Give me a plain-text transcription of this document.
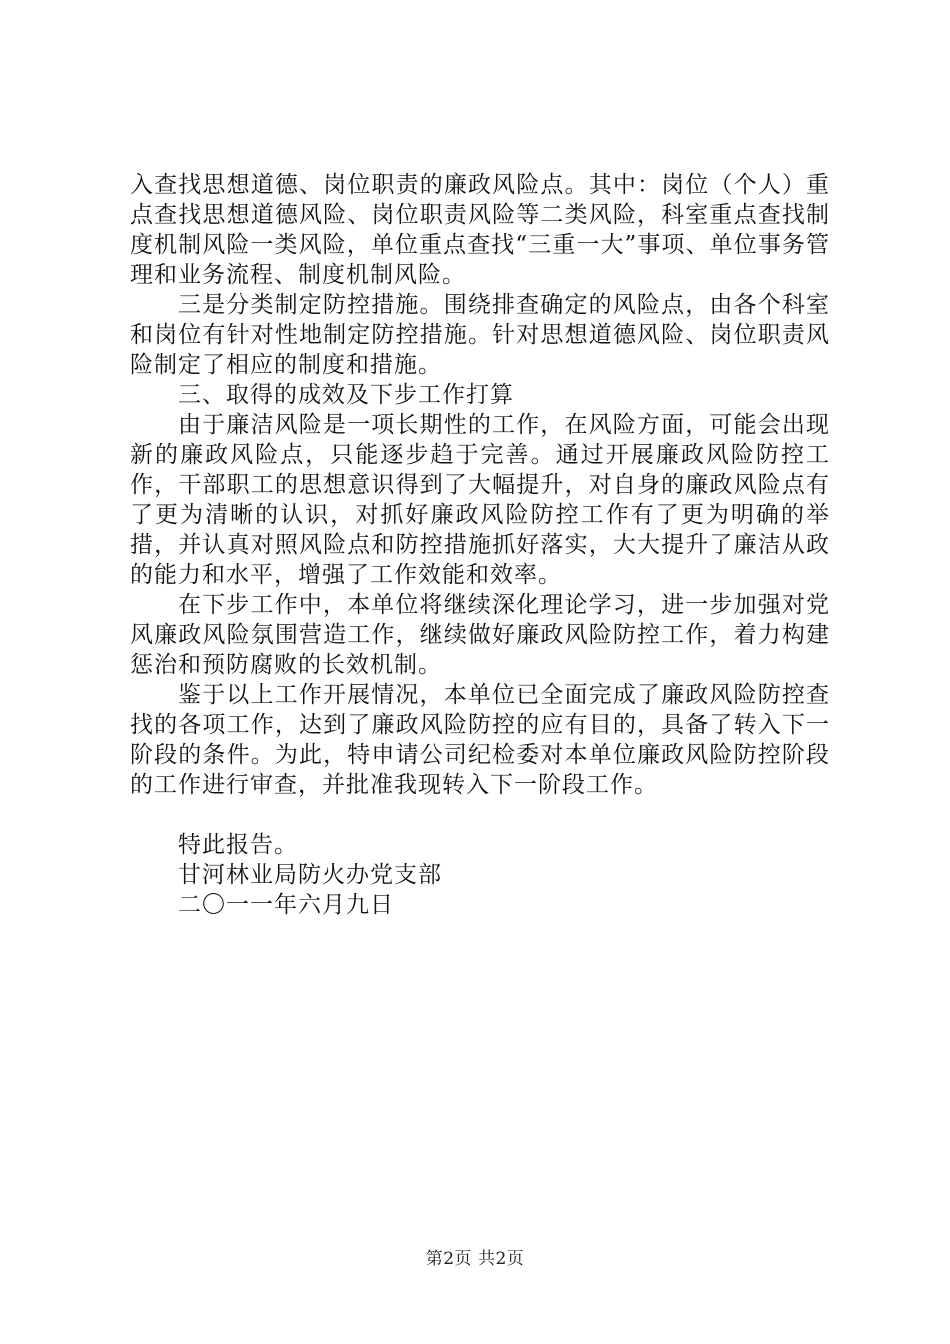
入查找思想道德、岗位职责的廉政风险点。其中：岗位（个人）重点查找思想道德风险、岗位职责风险等二类风险，科室重点查找制度机制风险一类风险，单位重点查找“三重一大”事项、单位事务管理和业务流程、制度机制风险。

三是分类制定防控措施。围绕排查确定的风险点，由各个科室和岗位有针对性地制定防控措施。针对思想道德风险、岗位职责风险制定了相应的制度和措施。

三、取得的成效及下步工作打算

由于廉洁风险是一项长期性的工作，在风险方面，可能会出现新的廉政风险点，只能逐步趋于完善。通过开展廉政风险防控工作，干部职工的思想意识得到了大幅提升，对自身的廉政风险点有了更为清晰的认识，对抓好廉政风险防控工作有了更为明确的举措，并认真对照风险点和防控措施抓好落实，大大提升了廉洁从政的能力和水平，增强了工作效能和效率。

在下步工作中，本单位将继续深化理论学习，进一步加强对党风廉政风险氛围营造工作，继续做好廉政风险防控工作，着力构建惩治和预防腐败的长效机制。

鉴于以上工作开展情况，本单位已全面完成了廉政风险防控查找的各项工作，达到了廉政风险防控的应有目的，具备了转入下一阶段的条件。为此，特申请公司纪检委对本单位廉政风险防控阶段的工作进行审查，并批准我现转入下一阶段工作。

特此报告。

甘河林业局防火办党支部

二〇一一年六月九日

第2页 共2页
